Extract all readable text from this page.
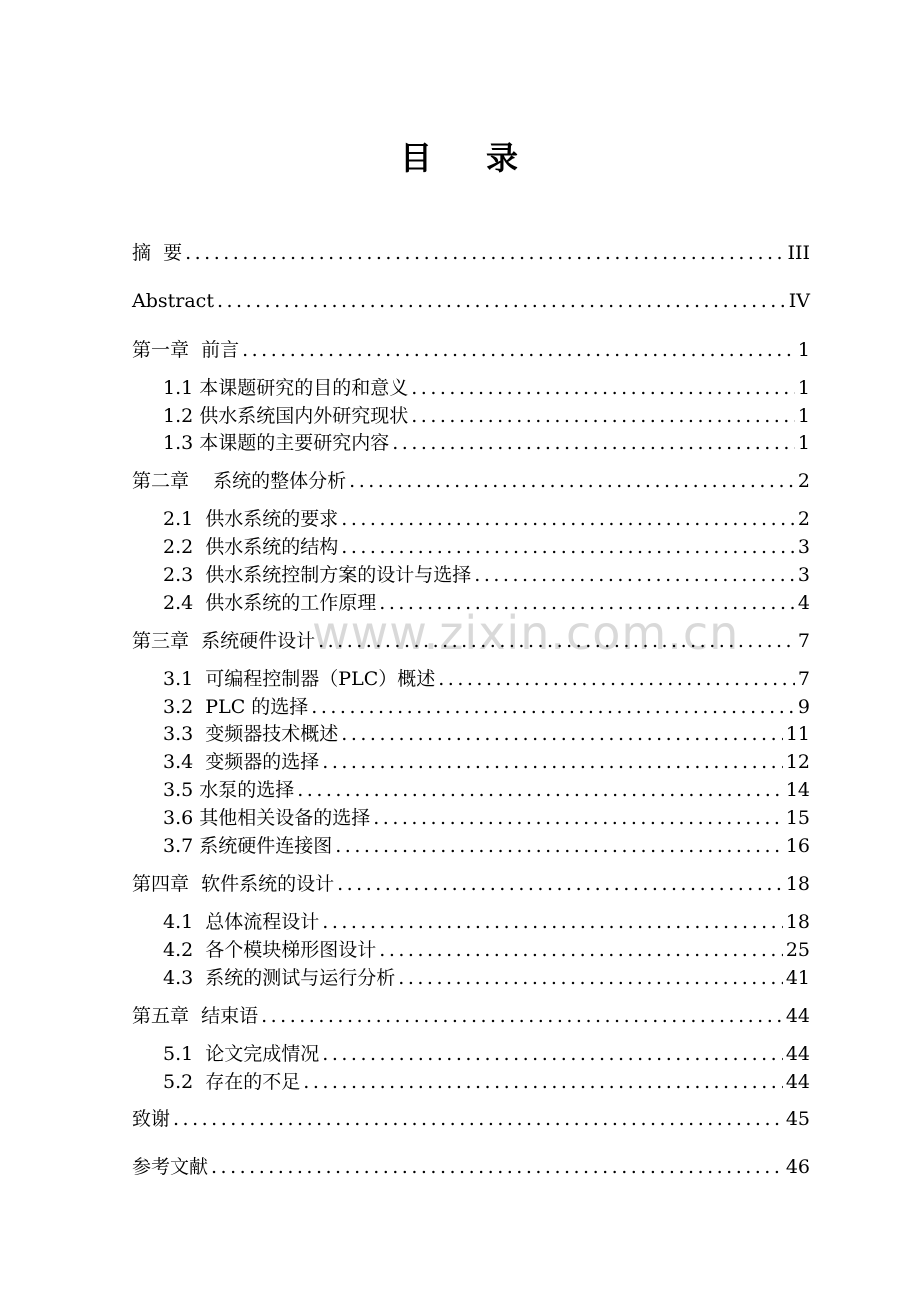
目 录
www.zixin.com.cn
摘  要 .....	III
Abstract .....	IV
第一章  前言 .....	1
1.1 本课题研究的目的和意义 .....	1
1.2 供水系统国内外研究现状 .....	1
1.3 本课题的主要研究内容 .....	1
第二章    系统的整体分析 .....	2
2.1  供水系统的要求 .....	2
2.2  供水系统的结构 .....	3
2.3  供水系统控制方案的设计与选择 .....	3
2.4  供水系统的工作原理 .....	4
第三章  系统硬件设计 .....	7
3.1  可编程控制器（PLC）概述 .....	7
3.2  PLC 的选择 .....	9
3.3  变频器技术概述 .....	11
3.4  变频器的选择 .....	12
3.5 水泵的选择 .....	14
3.6 其他相关设备的选择 .....	15
3.7 系统硬件连接图 .....	16
第四章  软件系统的设计 .....	18
4.1  总体流程设计 .....	18
4.2  各个模块梯形图设计 .....	25
4.3  系统的测试与运行分析 .....	41
第五章  结束语 .....	44
5.1  论文完成情况 .....	44
5.2  存在的不足 .....	44
致谢 .....	45
参考文献 .....	46
